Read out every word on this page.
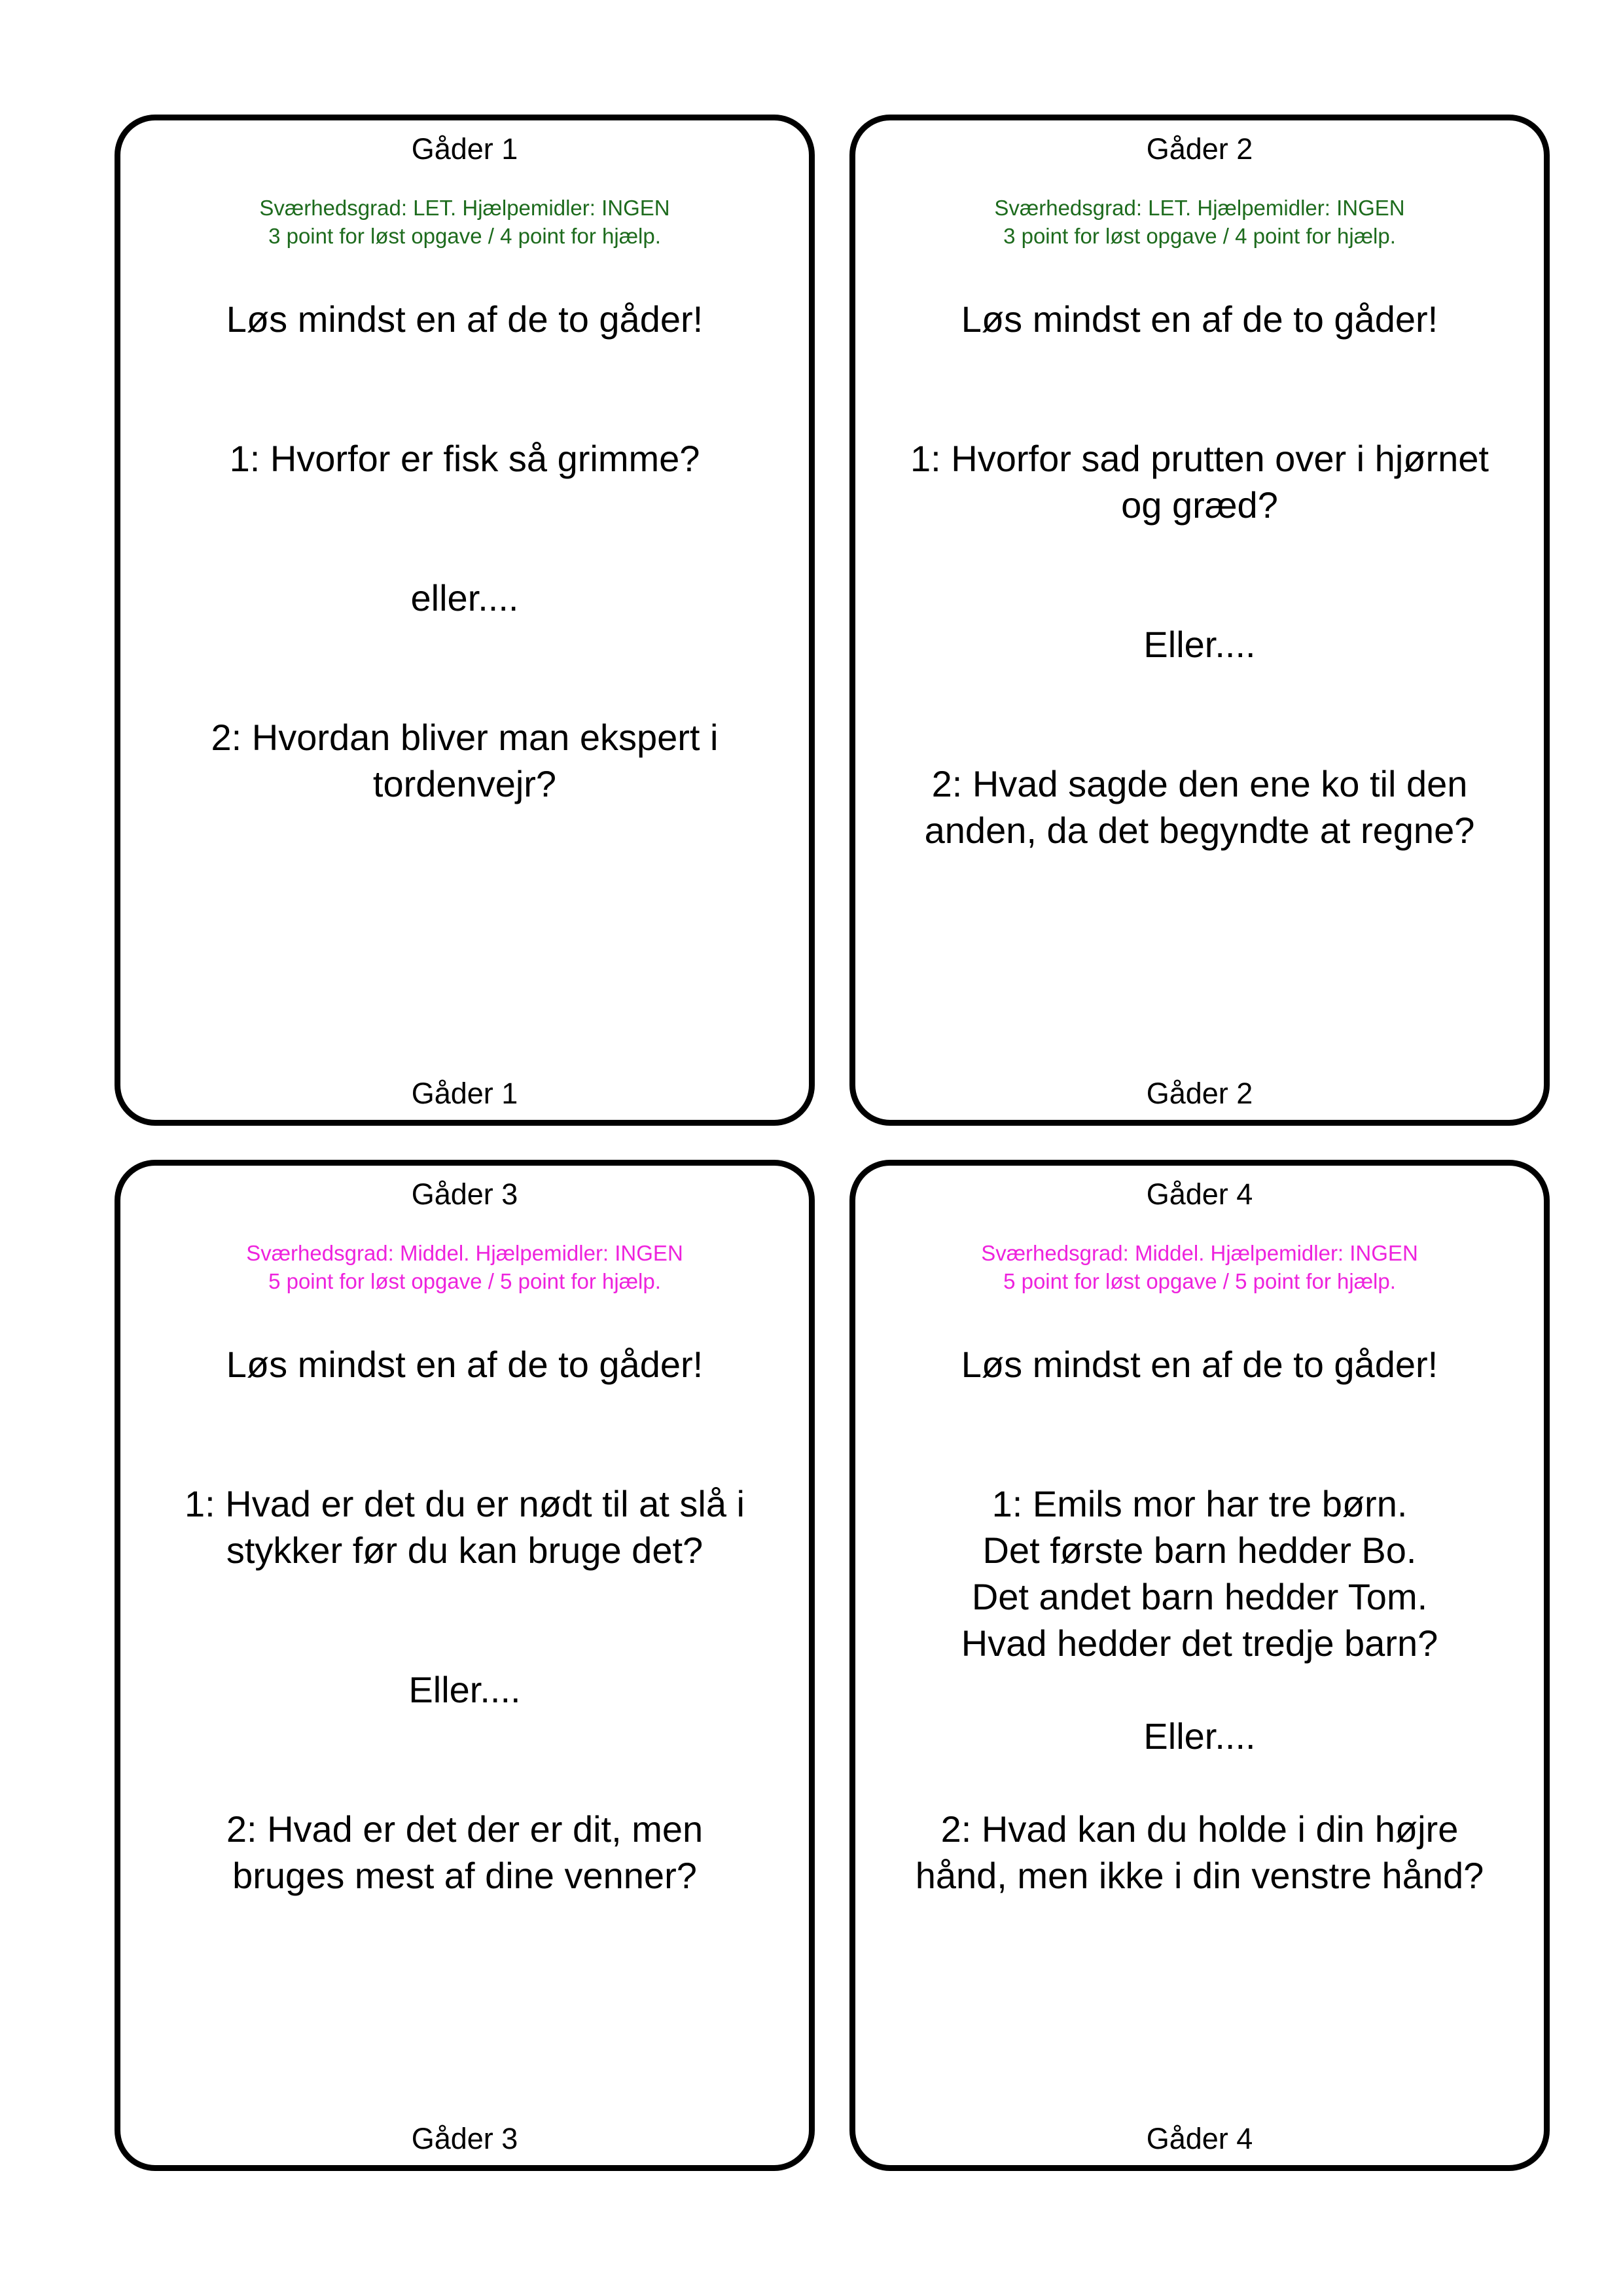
Gåder 1
Sværhedsgrad: LET. Hjælpemidler: INGEN
3 point for løst opgave / 4 point for hjælp.
Løs mindst en af de to gåder!
1: Hvorfor er fisk så grimme?
eller....
2: Hvordan bliver man ekspert i
tordenvejr?
Gåder 1
Gåder 2
Sværhedsgrad: LET. Hjælpemidler: INGEN
3 point for løst opgave / 4 point for hjælp.
Løs mindst en af de to gåder!
1: Hvorfor sad prutten over i hjørnet
og græd?
Eller....
2: Hvad sagde den ene ko til den
anden, da det begyndte at regne?
Gåder 2
Gåder 3
Sværhedsgrad: Middel. Hjælpemidler: INGEN
5 point for løst opgave / 5 point for hjælp.
Løs mindst en af de to gåder!
1: Hvad er det du er nødt til at slå i
stykker før du kan bruge det?
Eller....
2: Hvad er det der er dit, men
bruges mest af dine venner?
Gåder 3
Gåder 4
Sværhedsgrad: Middel. Hjælpemidler: INGEN
5 point for løst opgave / 5 point for hjælp.
Løs mindst en af de to gåder!
1: Emils mor har tre børn.
Det første barn hedder Bo.
Det andet barn hedder Tom.
Hvad hedder det tredje barn?
Eller....
2: Hvad kan du holde i din højre
hånd, men ikke i din venstre hånd?
Gåder 4
